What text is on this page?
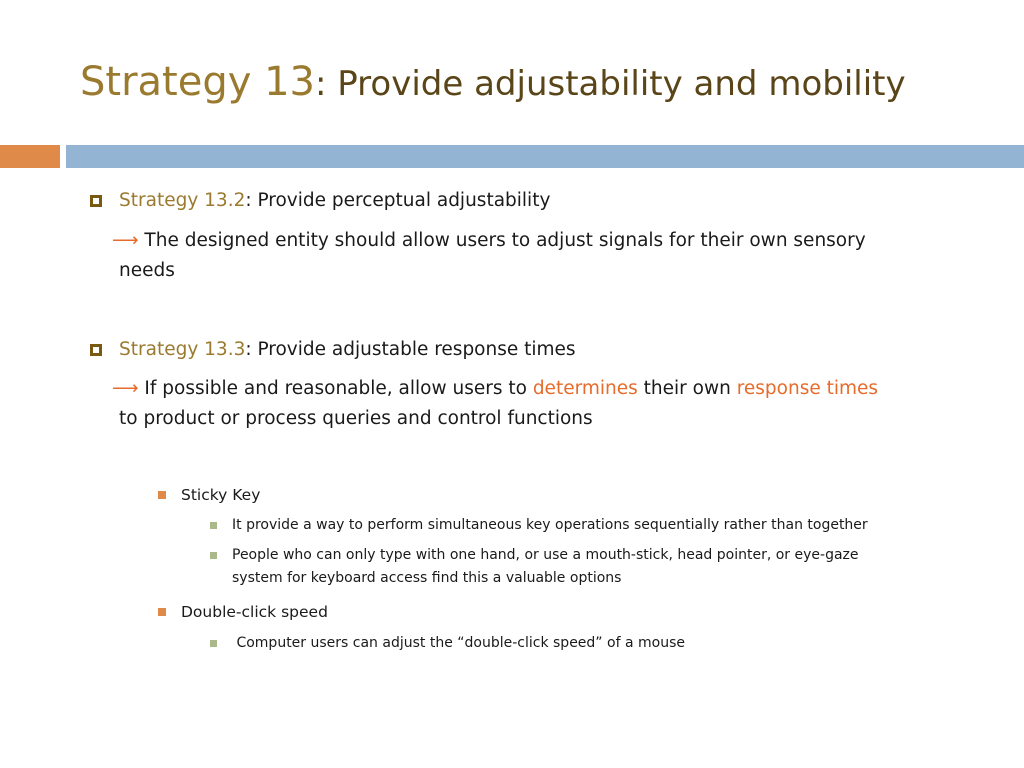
Strategy 13: Provide adjustability and mobility
Strategy 13.2: Provide perceptual adjustability
⟶ The designed entity should allow users to adjust signals for their own sensory
needs
Strategy 13.3: Provide adjustable response times
⟶ If possible and reasonable, allow users to determines their own response times
to product or process queries and control functions
Sticky Key
It provide a way to perform simultaneous key operations sequentially rather than together
People who can only type with one hand, or use a mouth-stick, head pointer, or eye-gaze
system for keyboard access find this a valuable options
Double-click speed
Computer users can adjust the “double-click speed” of a mouse
